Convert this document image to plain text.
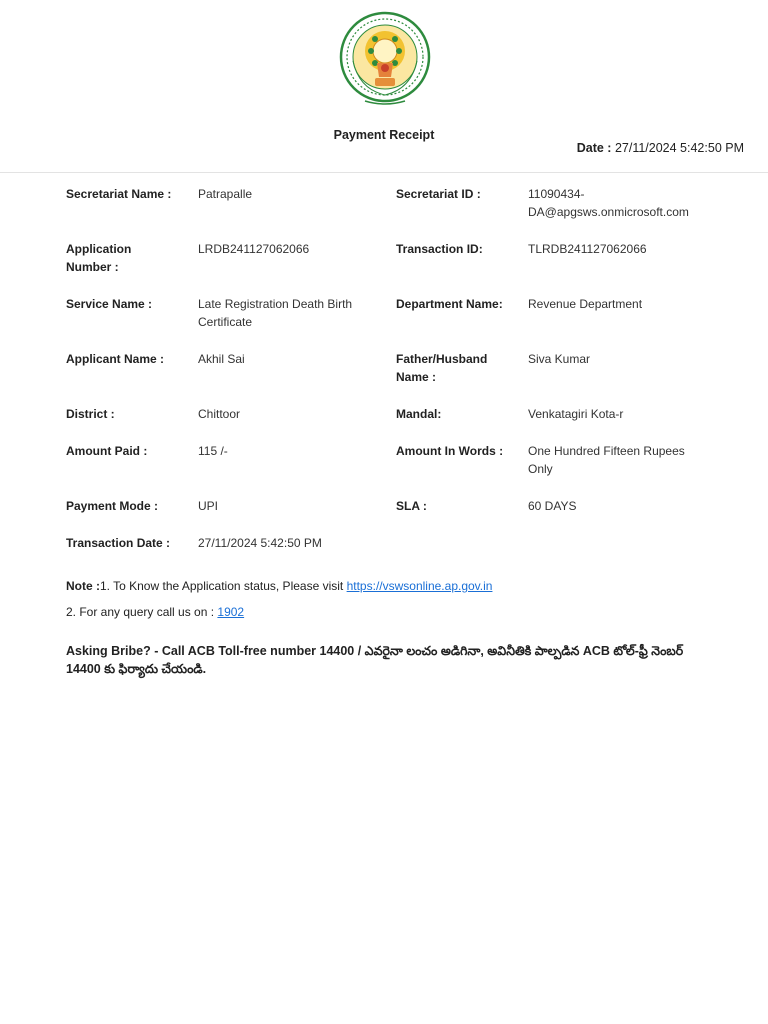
Payment Receipt
Date : 27/11/2024 5:42:50 PM
Secretariat Name :	Patrapalle	Secretariat ID :	11090434-DA@apgsws.onmicrosoft.com
Application Number :	LRDB241127062066	Transaction ID:	TLRDB241127062066
Service Name :	Late Registration Death Birth Certificate	Department Name:	Revenue Department
Applicant Name :	Akhil Sai	Father/Husband Name :	Siva Kumar
District :	Chittoor	Mandal:	Venkatagiri Kota-r
Amount Paid :	115 /-	Amount In Words :	One Hundred Fifteen Rupees Only
Payment Mode :	UPI	SLA :	60 DAYS
Transaction Date :	27/11/2024 5:42:50 PM		
Note :1. To Know the Application status, Please visit https://vswsonline.ap.gov.in
2. For any query call us on : 1902
Asking Bribe? - Call ACB Toll-free number 14400 / ఎవరైనా లంచం అడిగినా, అవినీతికి పాల్పడిన ACB టోల్-ఫ్రీ నెంబర్ 14400 కు ఫిర్యాదు చేయండి.
